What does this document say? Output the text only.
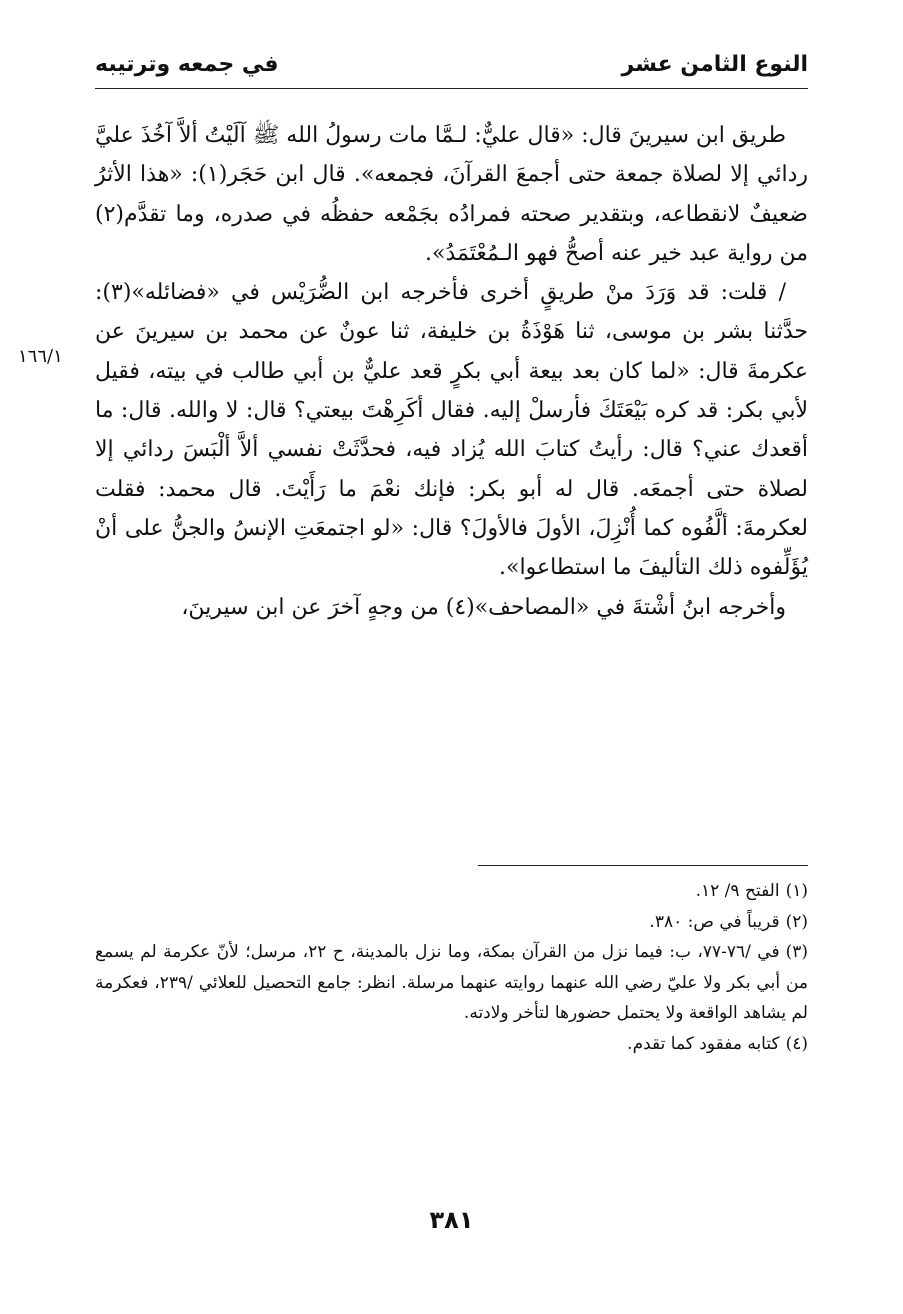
النوع الثامن عشر
في جمعه وترتيبه
١٦٦/١

طريق ابن سيرينَ قال: «قال عليٌّ: لـمَّا مات رسولُ الله ﷺ آلَيْتُ ألاَّ آخُذَ عليَّ ردائي إلا لصلاة جمعة حتى أجمعَ القرآنَ، فجمعه». قال ابن حَجَر(١): «هذا الأثرُ ضعيفٌ لانقطاعه، وبتقدير صحته فمرادُه بجَمْعه حفظُه في صدره، وما تقدَّم(٢) من رواية عبد خير عنه أصحُّ فهو الـمُعْتَمَدُ».

/ قلت: قد وَرَدَ منْ طريقٍ أخرى فأخرجه ابن الضُّرَيْس في «فضائله»(٣): حدَّثنا بشر بن موسى، ثنا هَوْذَةُ بن خليفة، ثنا عونٌ عن محمد بن سيرينَ عن عكرمةَ قال: «لما كان بعد بيعة أبي بكرٍ قعد عليٌّ بن أبي طالب في بيته، فقيل لأبي بكر: قد كره بَيْعَتَكَ فأرسلْ إليه. فقال أكَرِهْتَ بيعتي؟ قال: لا والله. قال: ما أقعدك عني؟ قال: رأيتُ كتابَ الله يُزاد فيه، فحدَّثَتْ نفسي ألاَّ ألْبَسَ ردائي إلا لصلاة حتى أجمعَه. قال له أبو بكر: فإنك نعْمَ ما رَأَيْتَ. قال محمد: فقلت لعكرمةَ: ألَّفُوه كما أُنْزِلَ، الأولَ فالأولَ؟ قال: «لو اجتمعَتِ الإنسُ والجنُّ على أنْ يُؤَلِّفوه ذلك التأليفَ ما استطاعوا».

وأخرجه ابنُ أشْتةَ في «المصاحف»(٤) من وجهٍ آخرَ عن ابن سيرينَ،

(١)الفتح ٩/ ١٢.

(٢)قريباً في ص: ٣٨٠.

(٣)في /٧٦-٧٧، ب: فيما نزل من القرآن بمكة، وما نزل بالمدينة، ح ٢٢، مرسل؛ لأنّ عكرمة لم يسمع من أبي بكر ولا عليّ رضي الله عنهما روايته عنهما مرسلة. انظر: جامع التحصيل للعلائي /٢٣٩، فعكرمة لم يشاهد الواقعة ولا يحتمل حضورها لتأخر ولادته.

(٤)كتابه مفقود كما تقدم.

٣٨١
